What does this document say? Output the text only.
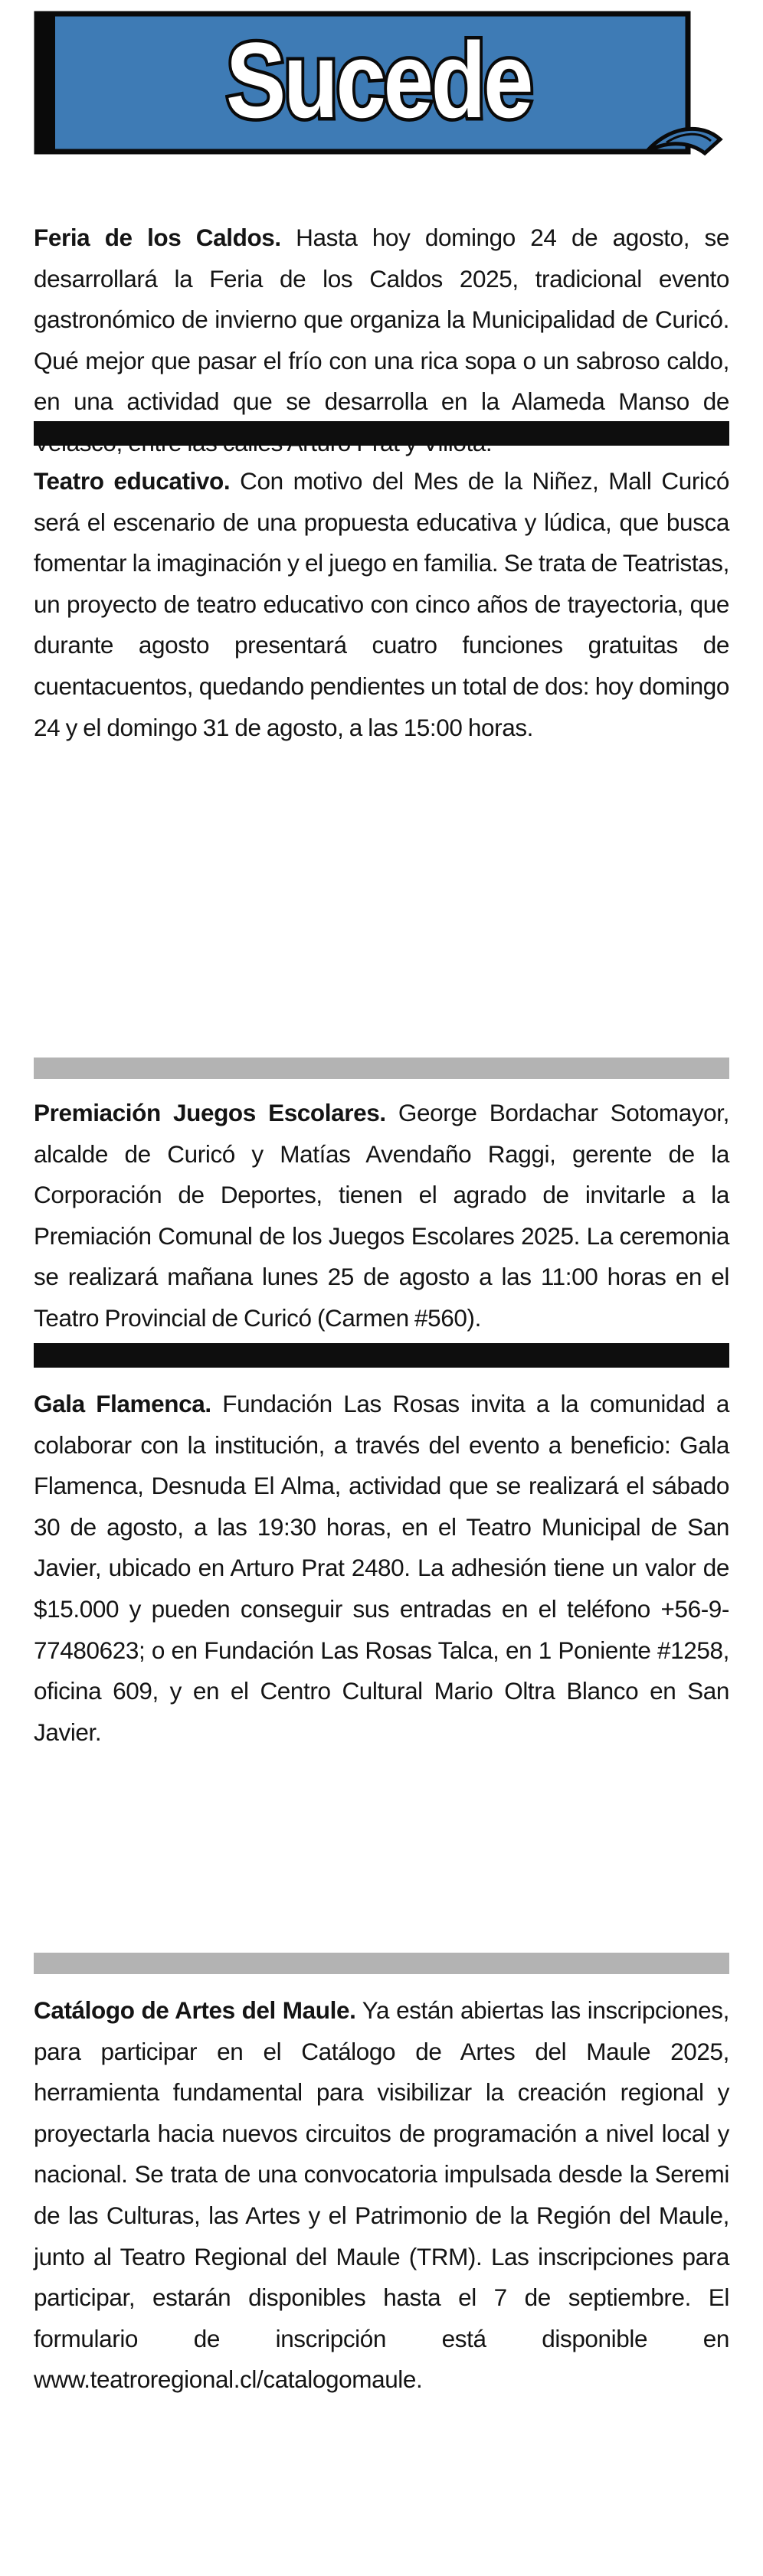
Sucede

Feria de los Caldos. Hasta hoy domingo 24 de agosto, se desarrollará la Feria de los Caldos 2025, tradicional evento gastronómico de invierno que organiza la Municipalidad de Curicó. Qué mejor que pasar el frío con una rica sopa o un sabroso caldo, en una actividad que se desarrolla en la Alameda Manso de

Teatro educativo. Con motivo del Mes de la Niñez, Mall Curicó será el escenario de una propuesta educativa y lúdica, que busca fomentar la imaginación y el juego en familia. Se trata de Teatristas, un proyecto de teatro educativo con cinco años de trayectoria, que durante agosto presentará cuatro funciones gratuitas de cuentacuentos, quedando pendientes un total de dos: hoy domingo 24 y el domingo 31 de agosto, a las 15:00 horas.

Premiación Juegos Escolares. George Bordachar Sotomayor, alcalde de Curicó y Matías Avendaño Raggi, gerente de la Corporación de Deportes, tienen el agrado de invitarle a la Premiación Comunal de los Juegos Escolares 2025. La ceremonia se realizará mañana lunes 25 de agosto a las 11:00 horas en el Teatro Provincial de Curicó (Carmen #560).

Gala Flamenca. Fundación Las Rosas invita a la comunidad a colaborar con la institución, a través del evento a beneficio: Gala Flamenca, Desnuda El Alma, actividad que se realizará el sábado 30 de agosto, a las 19:30 horas, en el Teatro Municipal de San Javier, ubicado en Arturo Prat 2480. La adhesión tiene un valor de $15.000 y pueden conseguir sus entradas en el teléfono +56-9-77480623; o en Fundación Las Rosas Talca, en 1 Poniente #1258, oficina 609, y en el Centro Cultural Mario Oltra Blanco en San Javier.

Catálogo de Artes del Maule. Ya están abiertas las inscripciones, para participar en el Catálogo de Artes del Maule 2025, herramienta fundamental para visibilizar la creación regional y proyectarla hacia nuevos circuitos de programación a nivel local y nacional. Se trata de una convocatoria impulsada desde la Seremi de las Culturas, las Artes y el Patrimonio de la Región del Maule, junto al Teatro Regional del Maule (TRM). Las inscripciones para participar, estarán disponibles hasta el 7 de septiembre. El formulario de inscripción está disponible en www.teatroregional.cl/catalogomaule.
